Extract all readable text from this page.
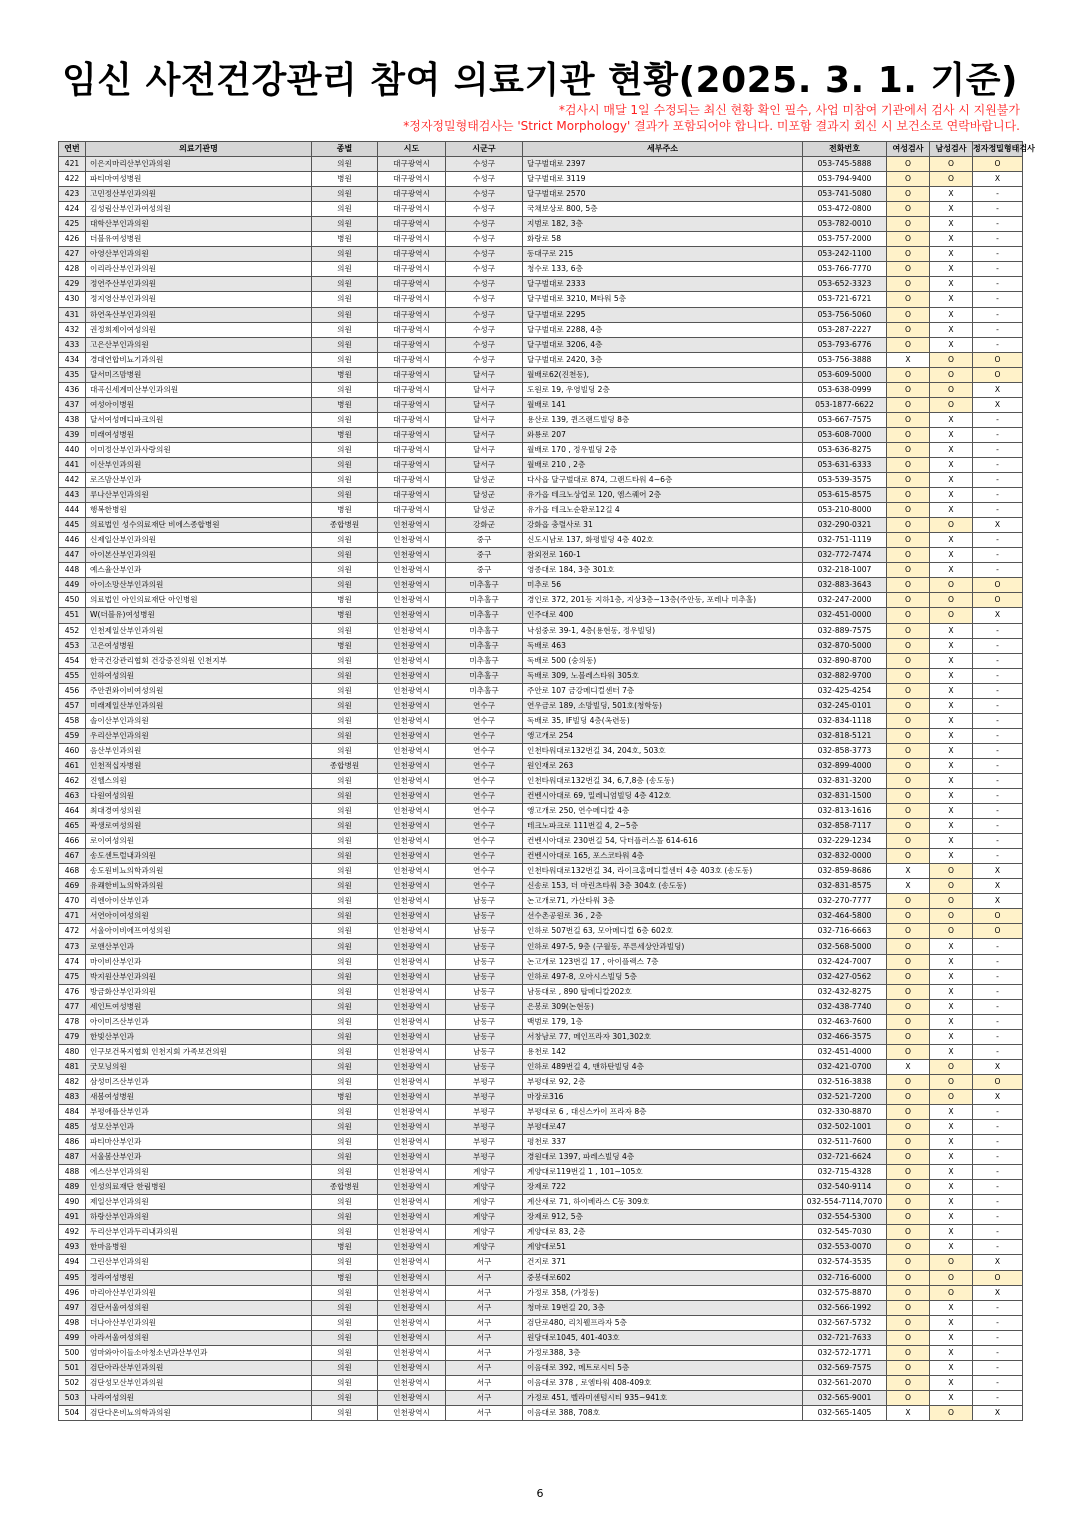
임신 사전건강관리 참여 의료기관 현황(2025. 3. 1. 기준)
*검사시 매달 1일 수정되는 최신 현황 확인 필수, 사업 미참여 기관에서 검사 시 지원불가
*정자정밀형태검사는 'Strict Morphology' 결과가 포함되어야 합니다. 미포함 결과지 회신 시 보건소로 연락바랍니다.
연번	의료기관명	종별	시도	시군구	세부주소	전화번호	여성검사	남성검사	정자정밀형태검사
421	이은지마리산부인과의원	의원	대구광역시	수성구	달구벌대로 2397	053-745-5888	O	O	O
422	파티마여성병원	병원	대구광역시	수성구	달구벌대로 3119	053-794-9400	O	O	X
423	고민정산부인과의원	의원	대구광역시	수성구	달구벌대로 2570	053-741-5080	O	X	-
424	김성림산부인과여성의원	의원	대구광역시	수성구	국채보상로 800, 5층	053-472-0800	O	X	-
425	대학산부인과의원	의원	대구광역시	수성구	지범로 182, 3층	053-782-0010	O	X	-
426	더블유여성병원	병원	대구광역시	수성구	화랑로 58	053-757-2000	O	X	-
427	아영산부인과의원	의원	대구광역시	수성구	동대구로 215	053-242-1100	O	X	-
428	이리라산부인과의원	의원	대구광역시	수성구	청수로 133, 6층	053-766-7770	O	X	-
429	정연주산부인과의원	의원	대구광역시	수성구	달구벌대로 2333	053-652-3323	O	X	-
430	정지영산부인과의원	의원	대구광역시	수성구	달구벌대로 3210, M타워 5층	053-721-6721	O	X	-
431	하연옥산부인과의원	의원	대구광역시	수성구	달구벌대로 2295	053-756-5060	O	X	-
432	권정희제이여성의원	의원	대구광역시	수성구	달구벌대로 2288, 4층	053-287-2227	O	X	-
433	고은산부인과의원	의원	대구광역시	수성구	달구벌대로 3206, 4층	053-793-6776	O	X	-
434	경대연합비뇨기과의원	의원	대구광역시	수성구	달구벌대로 2420, 3층	053-756-3888	X	O	O
435	달서미즈맘병원	병원	대구광역시	달서구	월배로62(진천동),	053-609-5000	O	O	O
436	대곡신세계미산부인과의원	의원	대구광역시	달서구	도원로 19, 우영빌딩 2층	053-638-0999	O	O	X
437	여성아이병원	병원	대구광역시	달서구	월배로 141	053-1877-6622	O	O	X
438	달서여성메디파크의원	의원	대구광역시	달서구	용산로 139, 퀸즈랜드빌딩 8층	053-667-7575	O	X	-
439	미래여성병원	병원	대구광역시	달서구	와룡로 207	053-608-7000	O	X	-
440	이미정산부인과사랑의원	의원	대구광역시	달서구	월배로 170 , 정우빌딩 2층	053-636-8275	O	X	-
441	이산부인과의원	의원	대구광역시	달서구	월배로 210 , 2층	053-631-6333	O	X	-
442	로즈맘산부인과	의원	대구광역시	달성군	다사읍 달구벌대로 874, 그랜드타워 4~6층	053-539-3575	O	X	-
443	루나산부인과의원	의원	대구광역시	달성군	유가읍 테크노상업로 120, 엠스퀘어 2층	053-615-8575	O	X	-
444	행복한병원	병원	대구광역시	달성군	유가읍 테크노순환로12길 4	053-210-8000	O	X	-
445	의료법인 성수의료재단 비에스종합병원	종합병원	인천광역시	강화군	강화읍 충렬사로 31	032-290-0321	O	O	X
446	신제일산부인과의원	의원	인천광역시	중구	신도시남로 137, 화평빌딩 4층 402호	032-751-1119	O	X	-
447	아이본산부인과의원	의원	인천광역시	중구	참외전로 160-1	032-772-7474	O	X	-
448	예스율산부인과	의원	인천광역시	중구	영종대로 184, 3층 301호	032-218-1007	O	X	-
449	아이소망산부인과의원	의원	인천광역시	미추홀구	미추로 56	032-883-3643	O	O	O
450	의료법인 아인의료재단 아인병원	병원	인천광역시	미추홀구	경인로 372, 201동 지하1층, 지상3층~13층(주안동, 포레나 미추홀)	032-247-2000	O	O	O
451	W(더블유)여성병원	병원	인천광역시	미추홀구	인주대로 400	032-451-0000	O	O	X
452	인천제일산부인과의원	의원	인천광역시	미추홀구	낙섬중로 39-1, 4층(용현동, 정우빌딩)	032-889-7575	O	X	-
453	고은여성병원	병원	인천광역시	미추홀구	독배로 463	032-870-5000	O	X	-
454	한국건강관리협회 건강증진의원 인천지부	의원	인천광역시	미추홀구	독배로 500 (숭의동)	032-890-8700	O	X	-
455	인하여성의원	의원	인천광역시	미추홀구	독배로 309, 노블레스타워 305호	032-882-9700	O	X	-
456	주안퀸와이비여성의원	의원	인천광역시	미추홀구	주안로 107 금강메디컬센터 7층	032-425-4254	O	X	-
457	미래제일산부인과의원	의원	인천광역시	연수구	연우금로 189, 소망빌딩, 501호(청학동)	032-245-0101	O	X	-
458	솔이산부인과의원	의원	인천광역시	연수구	독배로 35, IF빌딩 4층(옥련동)	032-834-1118	O	X	-
459	우리산부인과의원	의원	인천광역시	연수구	앵고개로 254	032-818-5121	O	X	-
460	음산부인과의원	의원	인천광역시	연수구	인천타워대로132번길 34, 204호, 503호	032-858-3773	O	X	-
461	인천적십자병원	종합병원	인천광역시	연수구	원인재로 263	032-899-4000	O	X	-
462	진헬스의원	의원	인천광역시	연수구	인천타워대로132번길 34, 6,7,8층 (송도동)	032-831-3200	O	X	-
463	다원여성의원	의원	인천광역시	연수구	컨벤시아대로 69, 밀레니엄빌딩 4층 412호	032-831-1500	O	X	-
464	최대경여성의원	의원	인천광역시	연수구	앵고개로 250, 연수메디칼 4층	032-813-1616	O	X	-
465	곽생로여성의원	의원	인천광역시	연수구	테크노파크로 111번길 4, 2~5층	032-858-7117	O	X	-
466	로이여성의원	의원	인천광역시	연수구	컨벤시아대로 230번길 54, 닥터플러스몰 614-616	032-229-1234	O	X	-
467	송도센트럴내과의원	의원	인천광역시	연수구	컨벤시아대로 165, 포스코타워 4층	032-832-0000	O	X	-
468	송도원비뇨의학과의원	의원	인천광역시	연수구	인천타워대로132번길 34, 라이크홈메디컬센터 4층 403호 (송도동)	032-859-8686	X	O	X
469	유쾌한비뇨의학과의원	의원	인천광역시	연수구	신송로 153, 더 마린츠타워 3층 304호 (송도동)	032-831-8575	X	O	X
470	리엔아이산부인과	의원	인천광역시	남동구	논고개로71, 가산타워 3층	032-270-7777	O	O	X
471	서연아이여성의원	의원	인천광역시	남동구	선수촌공원로 36 , 2층	032-464-5800	O	O	O
472	서울아이비에프여성의원	의원	인천광역시	남동구	인하로 507번길 63, 모아메디컬 6층 602호	032-716-6663	O	O	O
473	로앤산부인과	의원	인천광역시	남동구	인하로 497-5, 9층 (구월동, 푸른세상안과빌딩)	032-568-5000	O	X	-
474	마이비산부인과	의원	인천광역시	남동구	논고개로 123번길 17 , 아이플렉스 7층	032-424-7007	O	X	-
475	박지원산부인과의원	의원	인천광역시	남동구	인하로 497-8, 오아시스빌딩 5층	032-427-0562	O	X	-
476	방금화산부인과의원	의원	인천광역시	남동구	남동대로 , 890 탑메디칼202호	032-432-8275	O	X	-
477	세인트여성병원	의원	인천광역시	남동구	은봉로 309(논현동)	032-438-7740	O	X	-
478	아이미즈산부인과	의원	인천광역시	남동구	백범로 179, 1층	032-463-7600	O	X	-
479	한빛산부인과	의원	인천광역시	남동구	서창남로 77, 메인프라자 301,302호	032-466-3575	O	X	-
480	인구보건복지협회 인천지회 가족보건의원	의원	인천광역시	남동구	용천로 142	032-451-4000	O	X	-
481	굿모닝의원	의원	인천광역시	남동구	인하로 489번길 4, 맨하탄빌딩 4층	032-421-0700	X	O	X
482	삼성미즈산부인과	의원	인천광역시	부평구	부평대로 92, 2층	032-516-3838	O	O	O
483	새봄여성병원	병원	인천광역시	부평구	마장로316	032-521-7200	O	O	X
484	부평애플산부인과	의원	인천광역시	부평구	부평대로 6 , 대신스카이 프라자 8층	032-330-8870	O	X	-
485	성모산부인과	의원	인천광역시	부평구	부평대로47	032-502-1001	O	X	-
486	파티마산부인과	의원	인천광역시	부평구	평천로 337	032-511-7600	O	X	-
487	서울봄산부인과	의원	인천광역시	부평구	경원대로 1397, 파레스빌딩 4층	032-721-6624	O	X	-
488	에스산부인과의원	의원	인천광역시	계양구	계양대로119번길 1 , 101~105호	032-715-4328	O	X	-
489	인성의료재단 한림병원	종합병원	인천광역시	계양구	장제로 722	032-540-9114	O	X	-
490	제일산부인과의원	의원	인천광역시	계양구	계산새로 71, 하이베라스 C동 309호	032-554-7114,7070	O	X	-
491	하랑산부인과의원	의원	인천광역시	계양구	장제로 912, 5층	032-554-5300	O	X	-
492	두리산부인과두리내과의원	의원	인천광역시	계양구	계양대로 83, 2층	032-545-7030	O	X	-
493	한마음병원	병원	인천광역시	계양구	계양대로51	032-553-0070	O	X	-
494	그린산부인과의원	의원	인천광역시	서구	건지로 371	032-574-3535	O	O	X
495	정라여성병원	병원	인천광역시	서구	중봉대로602	032-716-6000	O	O	O
496	마리아산부인과의원	의원	인천광역시	서구	가정로 358, (가정동)	032-575-8870	O	O	X
497	검단서울여성의원	의원	인천광역시	서구	청마로 19번길 20, 3층	032-566-1992	O	X	-
498	더나아산부인과의원	의원	인천광역시	서구	검단로480, 리치웰프라자 5층	032-567-5732	O	X	-
499	아라서울여성의원	의원	인천광역시	서구	원당대로1045, 401-403호	032-721-7633	O	X	-
500	엄마와아이들소아청소년과산부인과	의원	인천광역시	서구	가정로388, 3층	032-572-1771	O	X	-
501	검단아라산부인과의원	의원	인천광역시	서구	이음대로 392, 메트로시티 5층	032-569-7575	O	X	-
502	검단성모산부인과의원	의원	인천광역시	서구	이음대로 378 , 로엠타워 408-409호	032-561-2070	O	X	-
503	나라여성의원	의원	인천광역시	서구	가정로 451, 벨라미센텀시티 935~941호	032-565-9001	O	X	-
504	검단다온비뇨의학과의원	의원	인천광역시	서구	이음대로 388, 708호	032-565-1405	X	O	X
6
